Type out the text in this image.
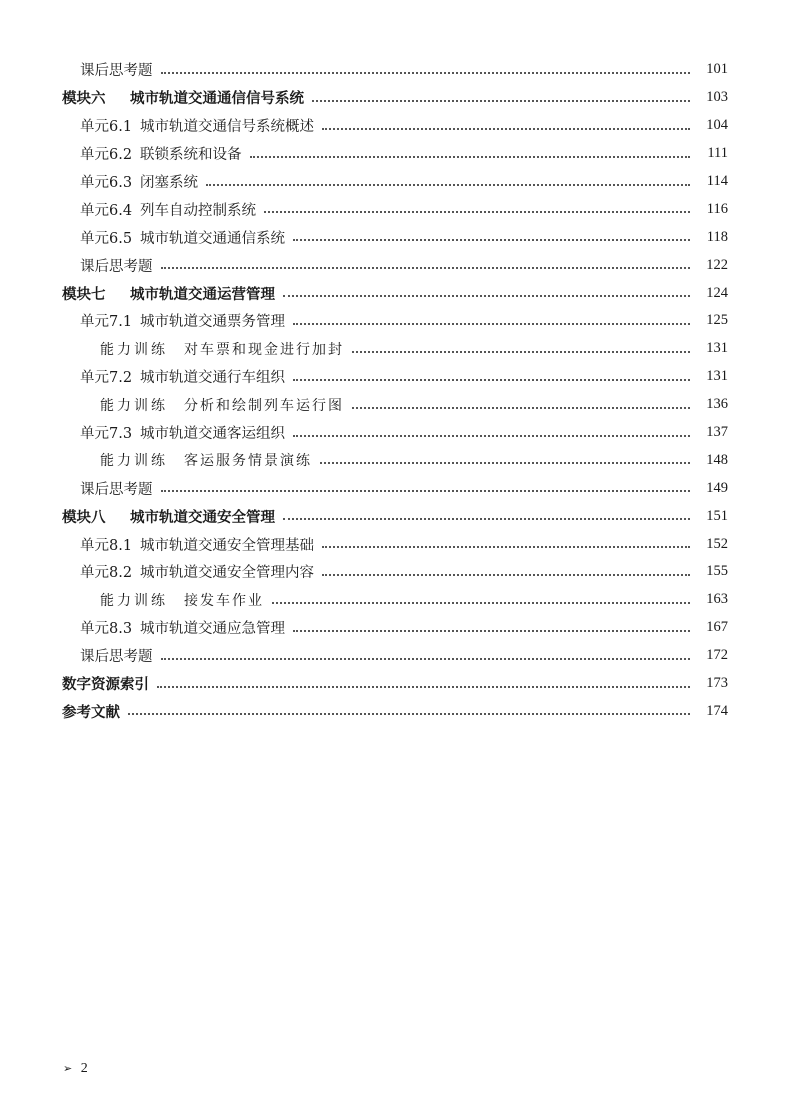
课后思考题	101
模块六 城市轨道交通通信信号系统	103
单元6.1 城市轨道交通信号系统概述	104
单元6.2 联锁系统和设备	111
单元6.3 闭塞系统	114
单元6.4 列车自动控制系统	116
单元6.5 城市轨道交通通信系统	118
课后思考题	122
模块七 城市轨道交通运营管理	124
单元7.1 城市轨道交通票务管理	125
能力训练 对车票和现金进行加封	131
单元7.2 城市轨道交通行车组织	131
能力训练 分析和绘制列车运行图	136
单元7.3 城市轨道交通客运组织	137
能力训练 客运服务情景演练	148
课后思考题	149
模块八 城市轨道交通安全管理	151
单元8.1 城市轨道交通安全管理基础	152
单元8.2 城市轨道交通安全管理内容	155
能力训练 接发车作业	163
单元8.3 城市轨道交通应急管理	167
课后思考题	172
数字资源索引	173
参考文献	174
➢ 2
